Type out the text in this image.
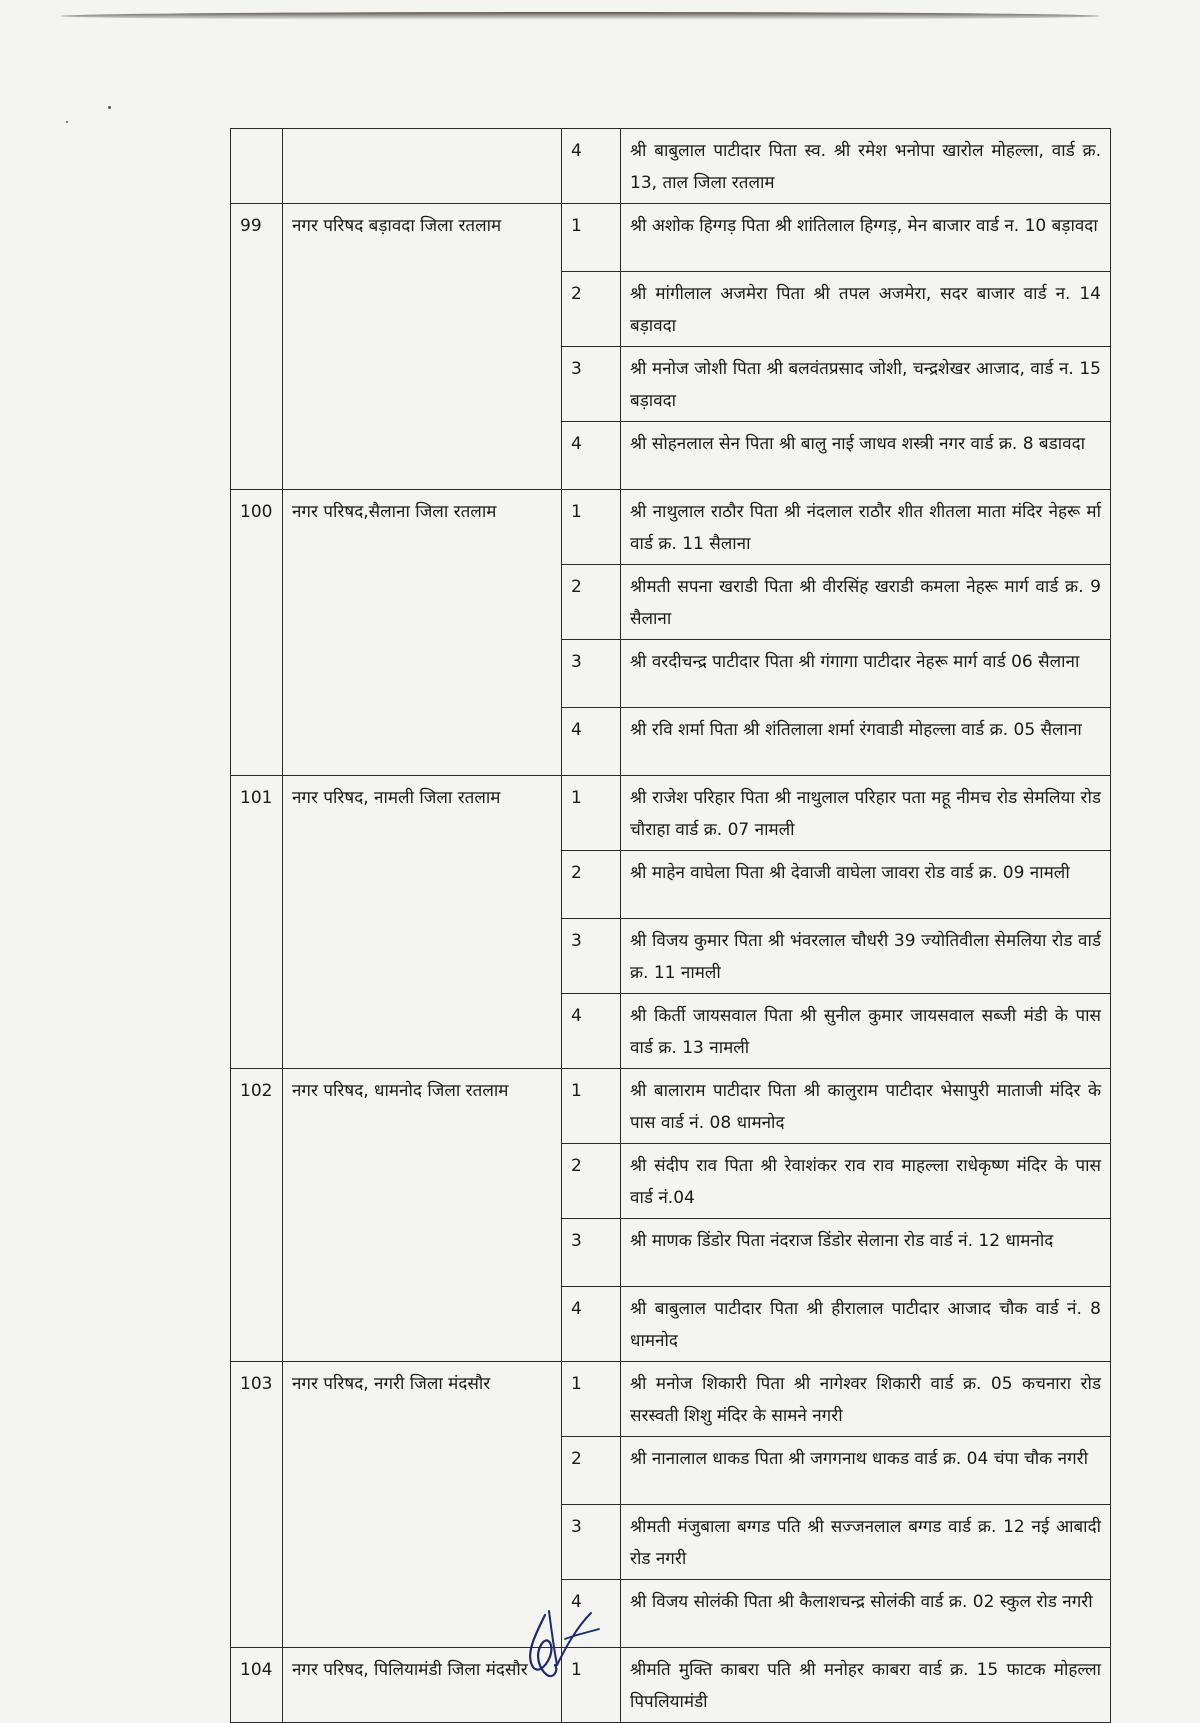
		4	श्री बाबुलाल पाटीदार पिता स्व. श्री रमेश भनोपा खारोल मोहल्ला, वार्ड क्र. 13, ताल जिला रतलाम
99	नगर परिषद बड़ावदा जिला रतलाम	1	श्री अशोक हिग्गड़ पिता श्री शांतिलाल हिग्गड़, मेन बाजार वार्ड न. 10 बड़ावदा
		2	श्री मांगीलाल अजमेरा पिता श्री तपल अजमेरा, सदर बाजार वार्ड न. 14 बड़ावदा
		3	श्री मनोज जोशी पिता श्री बलवंतप्रसाद जोशी, चन्द्रशेखर आजाद, वार्ड न. 15 बड़ावदा
		4	श्री सोहनलाल सेन पिता श्री बालु नाई जाधव शस्त्री नगर वार्ड क्र. 8 बडावदा
100	नगर परिषद,सैलाना जिला रतलाम	1	श्री नाथुलाल राठौर पिता श्री नंदलाल राठौर शीत शीतला माता मंदिर नेहरू र्मा वार्ड क्र. 11 सैलाना
		2	श्रीमती सपना खराडी पिता श्री वीरसिंह खराडी कमला नेहरू मार्ग वार्ड क्र. 9 सैलाना
		3	श्री वरदीचन्द्र पाटीदार पिता श्री गंगागा पाटीदार नेहरू मार्ग वार्ड 06 सैलाना
		4	श्री रवि शर्मा पिता श्री शंतिलाला शर्मा रंगवाडी मोहल्ला वार्ड क्र. 05 सैलाना
101	नगर परिषद, नामली जिला रतलाम	1	श्री राजेश परिहार पिता श्री नाथुलाल परिहार पता महू नीमच रोड सेमलिया रोड चौराहा वार्ड क्र. 07 नामली
		2	श्री माहेन वाघेला पिता श्री देवाजी वाघेला जावरा रोड वार्ड क्र. 09 नामली
		3	श्री विजय कुमार पिता श्री भंवरलाल चौधरी 39 ज्योतिवीला सेमलिया रोड वार्ड क्र. 11 नामली
		4	श्री किर्ती जायसवाल पिता श्री सुनील कुमार जायसवाल सब्जी मंडी के पास वार्ड क्र. 13 नामली
102	नगर परिषद, धामनोद जिला रतलाम	1	श्री बालाराम पाटीदार पिता श्री कालुराम पाटीदार भेसापुरी माताजी मंदिर के पास वार्ड नं. 08 धामनोद
		2	श्री संदीप राव पिता श्री रेवाशंकर राव राव माहल्ला राधेकृष्ण मंदिर के पास वार्ड नं.04
		3	श्री माणक डिंडोर पिता नंदराज डिंडोर सेलाना रोड वार्ड नं. 12 धामनोद
		4	श्री बाबुलाल पाटीदार पिता श्री हीरालाल पाटीदार आजाद चौक वार्ड नं. 8 धामनोद
103	नगर परिषद, नगरी जिला मंदसौर	1	श्री मनोज शिकारी पिता श्री नागेश्वर शिकारी वार्ड क्र. 05 कचनारा रोड सरस्वती शिशु मंदिर के सामने नगरी
		2	श्री नानालाल धाकड पिता श्री जगगनाथ धाकड वार्ड क्र. 04 चंपा चौक नगरी
		3	श्रीमती मंजुबाला बग्गड पति श्री सज्जनलाल बग्गड वार्ड क्र. 12 नई आबादी रोड नगरी
		4	श्री विजय सोलंकी पिता श्री कैलाशचन्द्र सोलंकी वार्ड क्र. 02 स्कुल रोड नगरी
104	नगर परिषद, पिलियामंडी जिला मंदसौर	1	श्रीमति मुक्ति काबरा पति श्री मनोहर काबरा वार्ड क्र. 15 फाटक मोहल्ला पिपलियामंडी
